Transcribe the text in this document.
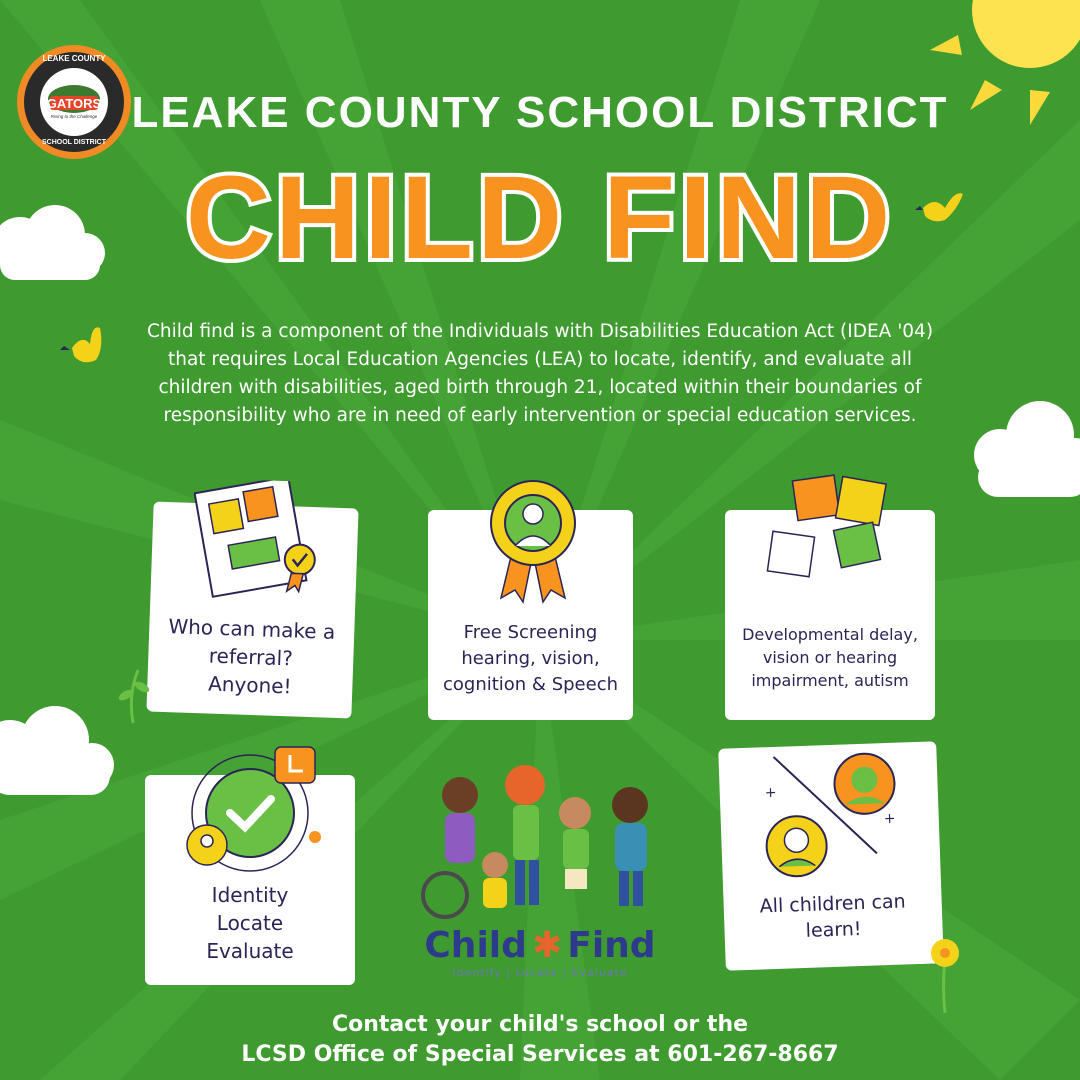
LEAKE COUNTY
GATORS
Rising to the Challenge
SCHOOL DISTRICT
LEAKE COUNTY SCHOOL DISTRICT
CHILD FIND
Child find is a component of the Individuals with Disabilities Education Act (IDEA '04) that requires Local Education Agencies (LEA) to locate, identify, and evaluate all children with disabilities, aged birth through 21, located within their boundaries of responsibility who are in need of early intervention or special education services.
Who can make a
referral?
Anyone!
Free Screening
hearing, vision,
cognition & Speech
Developmental delay,
vision or hearing
impairment, autism
Identity
Locate
Evaluate	Child ✱ Find
Identify | Locate | Evaluate
+
+
All children can
learn!
Contact your child's school or the
LCSD Office of Special Services at 601-267-8667
